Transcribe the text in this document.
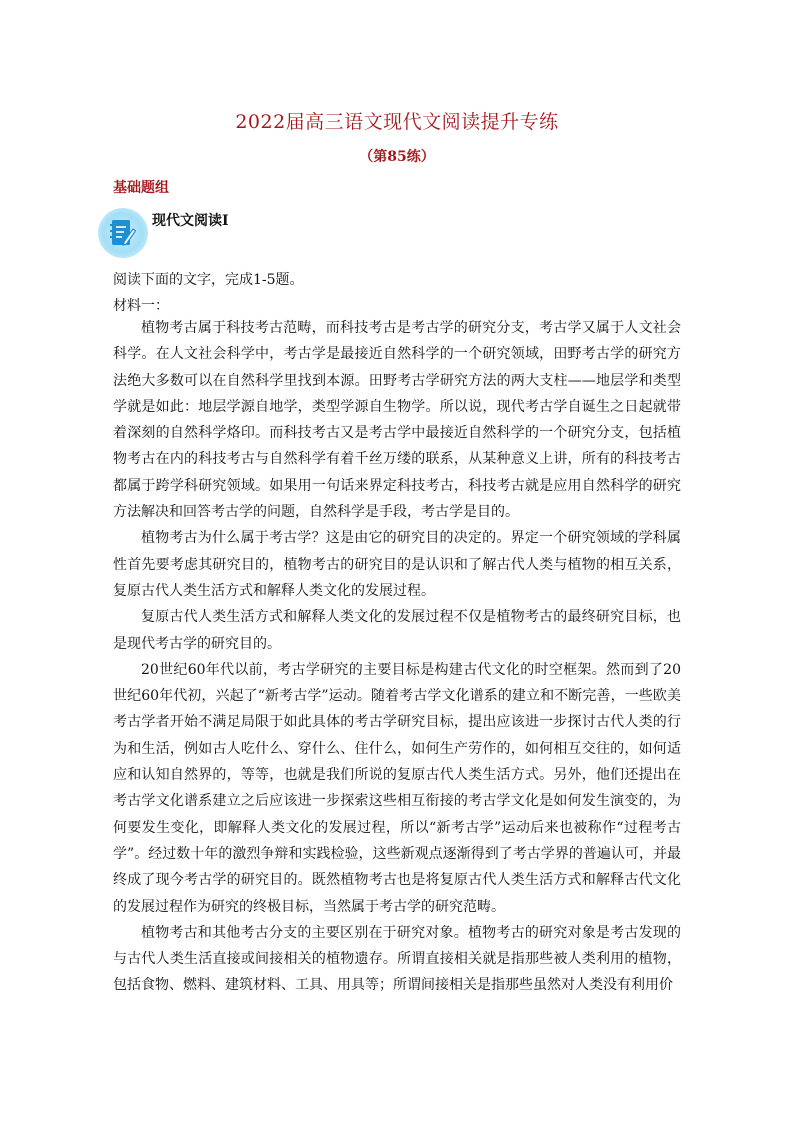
2022届高三语文现代文阅读提升专练
（第85练）
基础题组
现代文阅读Ⅰ
阅读下面的文字，完成1-5题。
材料一：

植物考古属于科技考古范畴，而科技考古是考古学的研究分支，考古学又属于人文社会科学。在人文社会科学中，考古学是最接近自然科学的一个研究领域，田野考古学的研究方法绝大多数可以在自然科学里找到本源。田野考古学研究方法的两大支柱——地层学和类型学就是如此：地层学源自地学，类型学源自生物学。所以说，现代考古学自诞生之日起就带着深刻的自然科学烙印。而科技考古又是考古学中最接近自然科学的一个研究分支，包括植物考古在内的科技考古与自然科学有着千丝万缕的联系，从某种意义上讲，所有的科技考古都属于跨学科研究领域。如果用一句话来界定科技考古，科技考古就是应用自然科学的研究方法解决和回答考古学的问题，自然科学是手段，考古学是目的。

植物考古为什么属于考古学？这是由它的研究目的决定的。界定一个研究领域的学科属性首先要考虑其研究目的，植物考古的研究目的是认识和了解古代人类与植物的相互关系，复原古代人类生活方式和解释人类文化的发展过程。

复原古代人类生活方式和解释人类文化的发展过程不仅是植物考古的最终研究目标，也是现代考古学的研究目的。

20世纪60年代以前，考古学研究的主要目标是构建古代文化的时空框架。然而到了20世纪60年代初，兴起了“新考古学”运动。随着考古学文化谱系的建立和不断完善，一些欧美考古学者开始不满足局限于如此具体的考古学研究目标，提出应该进一步探讨古代人类的行为和生活，例如古人吃什么、穿什么、住什么，如何生产劳作的，如何相互交往的，如何适应和认知自然界的，等等，也就是我们所说的复原古代人类生活方式。另外，他们还提出在考古学文化谱系建立之后应该进一步探索这些相互衔接的考古学文化是如何发生演变的，为何要发生变化，即解释人类文化的发展过程，所以“新考古学”运动后来也被称作“过程考古学”。经过数十年的激烈争辩和实践检验，这些新观点逐渐得到了考古学界的普遍认可，并最终成了现今考古学的研究目的。既然植物考古也是将复原古代人类生活方式和解释古代文化的发展过程作为研究的终极目标，当然属于考古学的研究范畴。

植物考古和其他考古分支的主要区别在于研究对象。植物考古的研究对象是考古发现的与古代人类生活直接或间接相关的植物遗存。所谓直接相关就是指那些被人类利用的植物，包括食物、燃料、建筑材料、工具、用具等；所谓间接相关是指那些虽然对人类没有利用价
